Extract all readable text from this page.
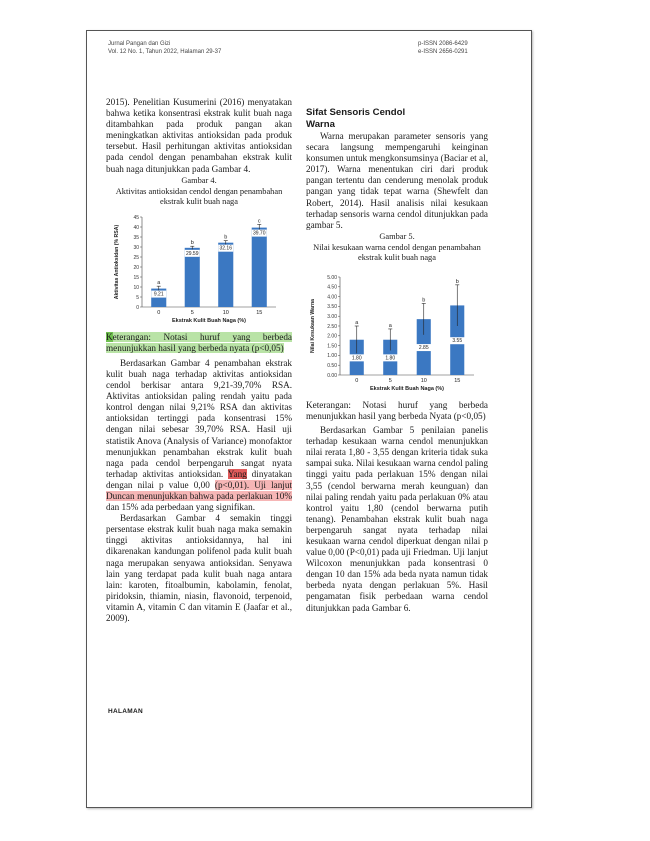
Jurnal Pangan dan Gizi
Vol. 12 No. 1, Tahun 2022, Halaman 29-37
p-ISSN 2086-6429
e-ISSN 2656-0291

2015). Penelitian Kusumerini (2016) menyatakan bahwa ketika konsentrasi ekstrak kulit buah naga ditambahkan pada produk pangan akan meningkatkan aktivitas antioksidan pada produk tersebut. Hasil perhitungan aktivitas antioksidan pada cendol dengan penambahan ekstrak kulit buah naga ditunjukkan pada Gambar 4.

Gambar 4.
Aktivitas antioksidan cendol dengan penambahan ekstrak kulit buah naga
0
5
10
15
20
25
30
35
40
45
a
9.21
0
b
29.59
5
b
32.16
10
c
39.70
15
Ekstrak Kulit Buah Naga (%)
Aktivitas Antioksidan (% RSA)

Keterangan: Notasi huruf yang berbeda menunjukkan hasil yang berbeda nyata (p<0,05)

Berdasarkan Gambar 4 penambahan ekstrak kulit buah naga terhadap aktivitas antioksidan cendol berkisar antara 9,21-39,70% RSA. Aktivitas antioksidan paling rendah yaitu pada kontrol dengan nilai 9,21% RSA dan aktivitas antioksidan tertinggi pada konsentrasi 15% dengan nilai sebesar 39,70% RSA. Hasil uji statistik Anova (Analysis of Variance) monofaktor menunjukkan penambahan ekstrak kulit buah naga pada cendol berpengaruh sangat nyata terhadap aktivitas antioksidan. Yang dinyatakan dengan nilai p value 0,00 (p<0,01). Uji lanjut Duncan menunjukkan bahwa pada perlakuan 10% dan 15% ada perbedaan yang signifikan.

Berdasarkan Gambar 4 semakin tinggi persentase ekstrak kulit buah naga maka semakin tinggi aktivitas antioksidannya, hal ini dikarenakan kandungan polifenol pada kulit buah naga merupakan senyawa antioksidan. Senyawa lain yang terdapat pada kulit buah naga antara lain: karoten, fitoalbumin, kabolamin, fenolat, piridoksin, thiamin, niasin, flavonoid, terpenoid, vitamin A, vitamin C dan vitamin E (Jaafar et al., 2009).

Sifat Sensoris Cendol
Warna

Warna merupakan parameter sensoris yang secara langsung mempengaruhi keinginan konsumen untuk mengkonsumsinya (Baciar et al, 2017). Warna menentukan ciri dari produk pangan tertentu dan cenderung menolak produk pangan yang tidak tepat warna (Shewfelt dan Robert, 2014). Hasil analisis nilai kesukaan terhadap sensoris warna cendol ditunjukkan pada gambar 5.

Gambar 5.
Nilai kesukaan warna cendol dengan penambahan ekstrak kulit buah naga
0.00
0.50
1.00
1.50
2.00
2.50
3.00
3.50
4.00
4.50
5.00
a
1.80
0
a
1.80
5
b
2.85
10
b
3.55
15
Ekstrak Kulit Buah Naga (%)
Nilai Kesukaan Warna

Keterangan: Notasi huruf yang berbeda menunjukkan hasil yang berbeda Nyata (p<0,05)

Berdasarkan Gambar 5 penilaian panelis terhadap kesukaan warna cendol menunjukkan nilai rerata 1,80 - 3,55 dengan kriteria tidak suka sampai suka. Nilai kesukaan warna cendol paling tinggi yaitu pada perlakuan 15% dengan nilai 3,55 (cendol berwarna merah keunguan) dan nilai paling rendah yaitu pada perlakuan 0% atau kontrol yaitu 1,80 (cendol berwarna putih tenang). Penambahan ekstrak kulit buah naga berpengaruh sangat nyata terhadap nilai kesukaan warna cendol diperkuat dengan nilai p value 0,00 (P<0,01) pada uji Friedman. Uji lanjut Wilcoxon menunjukkan pada konsentrasi 0 dengan 10 dan 15% ada beda nyata namun tidak berbeda nyata dengan perlakuan 5%. Hasil pengamatan fisik perbedaan warna cendol ditunjukkan pada Gambar 6.

HALAMAN
